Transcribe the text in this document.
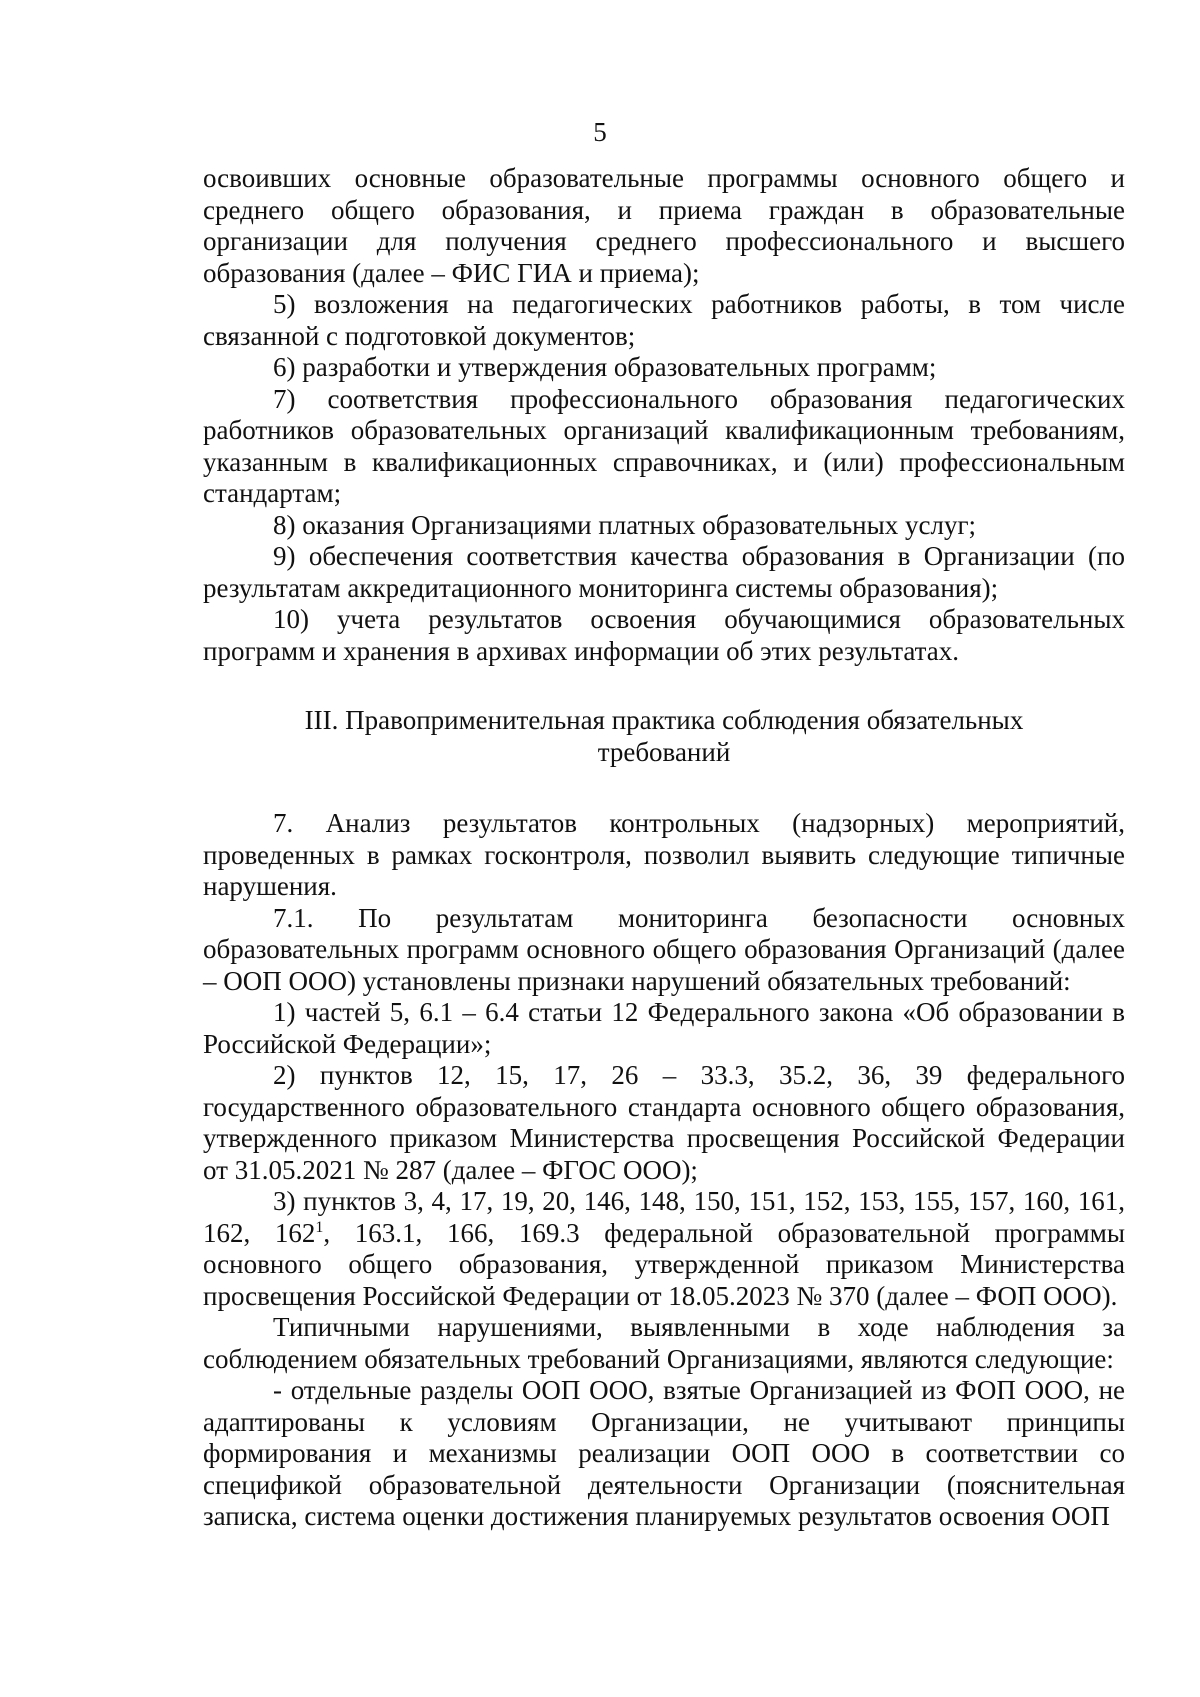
5

освоивших основные образовательные программы основного общего и среднего общего образования, и приема граждан в образовательные организации для получения среднего профессионального и высшего образования (далее – ФИС ГИА и приема);

5) возложения на педагогических работников работы, в том числе связанной с подготовкой документов;

6) разработки и утверждения образовательных программ;

7) соответствия профессионального образования педагогических работников образовательных организаций квалификационным требованиям, указанным в квалификационных справочниках, и (или) профессиональным стандартам;

8) оказания Организациями платных образовательных услуг;

9) обеспечения соответствия качества образования в Организации (по результатам аккредитационного мониторинга системы образования);

10) учета результатов освоения обучающимися образовательных программ и хранения в архивах информации об этих результатах.

III. Правоприменительная практика соблюдения обязательных требований

7. Анализ результатов контрольных (надзорных) мероприятий, проведенных в рамках госконтроля, позволил выявить следующие типичные нарушения.

7.1. По результатам мониторинга безопасности основных образовательных программ основного общего образования Организаций (далее – ООП ООО) установлены признаки нарушений обязательных требований:

1) частей 5, 6.1 – 6.4 статьи 12 Федерального закона «Об образовании в Российской Федерации»;

2) пунктов 12, 15, 17, 26 – 33.3, 35.2, 36, 39 федерального государственного образовательного стандарта основного общего образования, утвержденного приказом Министерства просвещения Российской Федерации от 31.05.2021 № 287 (далее – ФГОС ООО);

3) пунктов 3, 4, 17, 19, 20, 146, 148, 150, 151, 152, 153, 155, 157, 160, 161, 162, $162^1$, 163.1, 166, 169.3 федеральной образовательной программы основного общего образования, утвержденной приказом Министерства просвещения Российской Федерации от 18.05.2023 № 370 (далее – ФОП ООО).

Типичными нарушениями, выявленными в ходе наблюдения за соблюдением обязательных требований Организациями, являются следующие:

- отдельные разделы ООП ООО, взятые Организацией из ФОП ООО, не адаптированы к условиям Организации, не учитывают принципы формирования и механизмы реализации ООП ООО в соответствии со спецификой образовательной деятельности Организации (пояснительная записка, система оценки достижения планируемых результатов освоения ООП
